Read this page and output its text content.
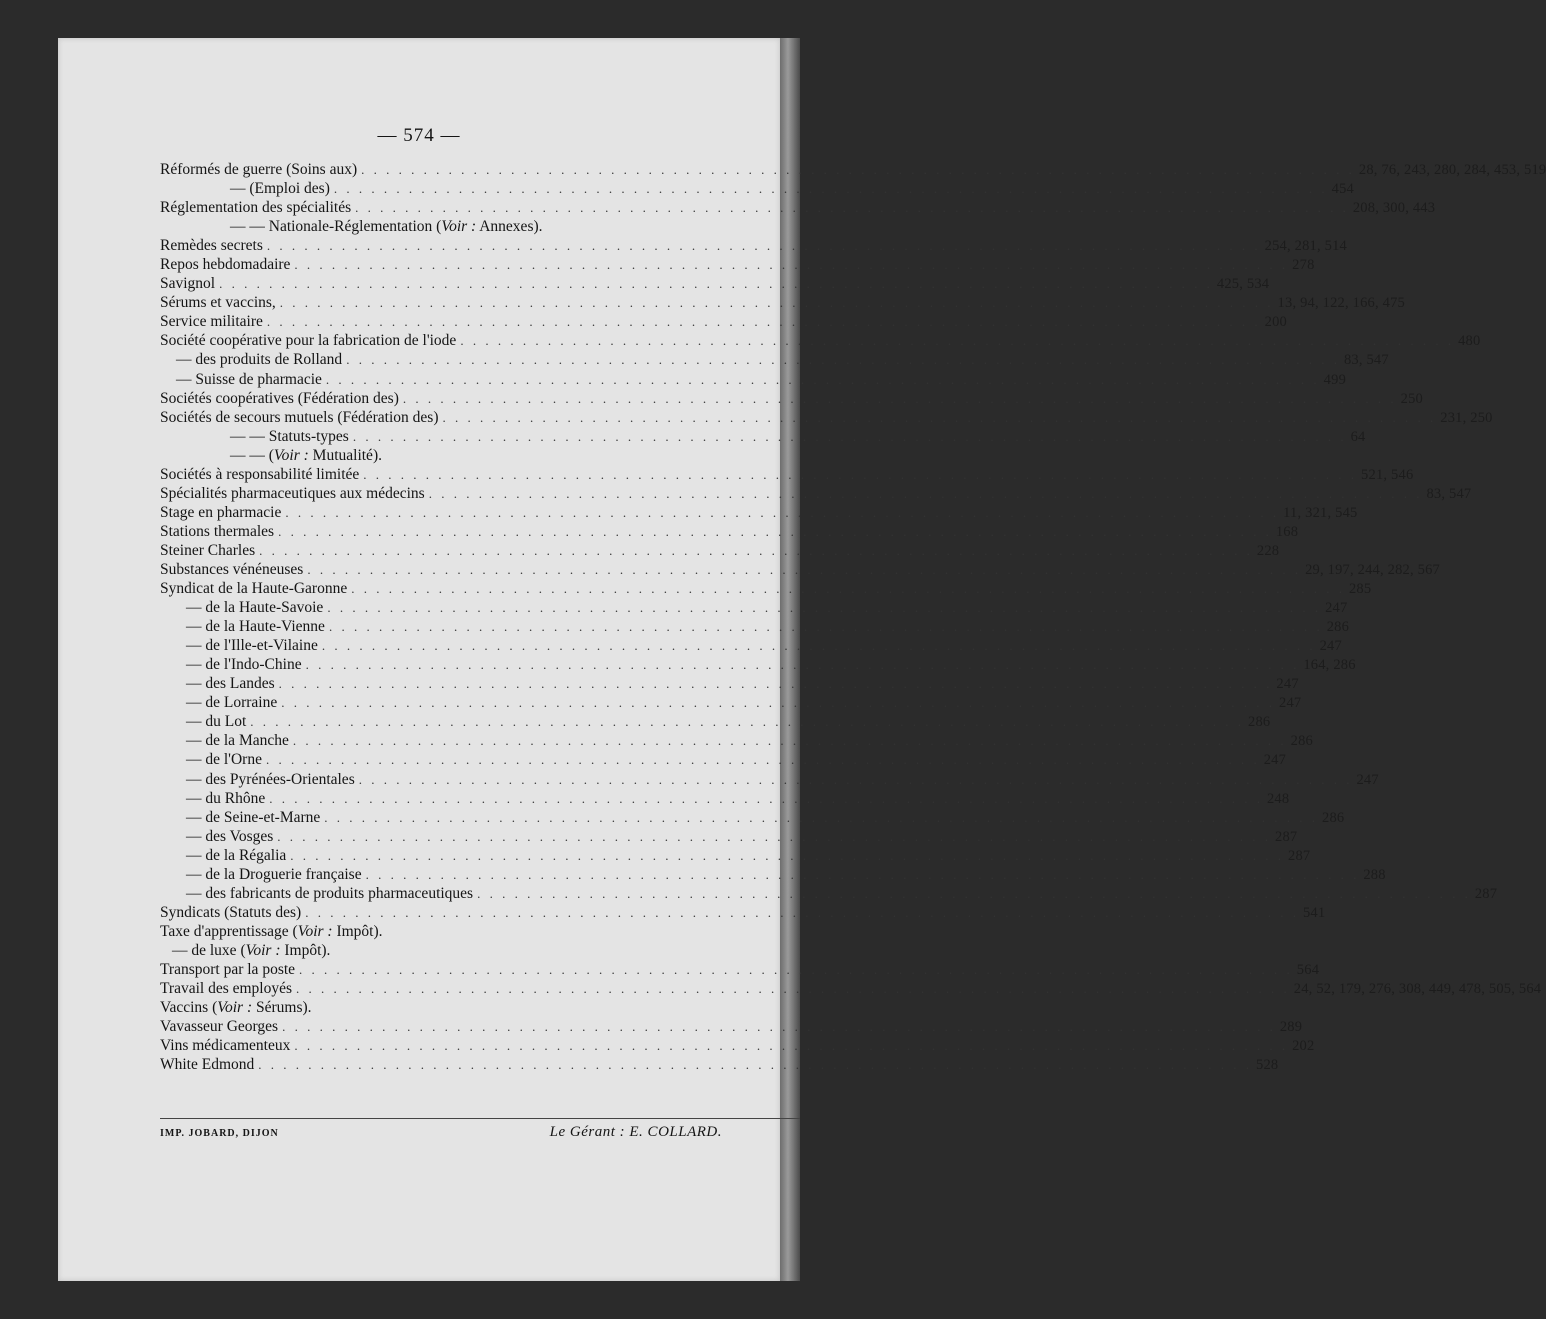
— 574 —
Réformés de guerre (Soins aux) . . . . . . . . . . . . . . . . . . . . . . . . . . . . . . . . . . . . . . . . . . . . . . . . . . . . . . . . . . . . . . . . . . . . . . . . . . . . . . . . 28, 76, 243, 280, 284, 453, 519
— (Emploi des) . . . . . . . . . . . . . . . . . . . . . . . . . . . . . . . . . . . . . . . . . . . . . . . . . . . . . . . . . . . . . . . . . . . . . . . . . . . . . . . . 454
Réglementation des spécialités . . . . . . . . . . . . . . . . . . . . . . . . . . . . . . . . . . . . . . . . . . . . . . . . . . . . . . . . . . . . . . . . . . . . . . . . . . . . . . . . 208, 300, 443
— — Nationale-Réglementation (Voir : Annexes).
Remèdes secrets . . . . . . . . . . . . . . . . . . . . . . . . . . . . . . . . . . . . . . . . . . . . . . . . . . . . . . . . . . . . . . . . . . . . . . . . . . . . . . . . 254, 281, 514
Repos hebdomadaire . . . . . . . . . . . . . . . . . . . . . . . . . . . . . . . . . . . . . . . . . . . . . . . . . . . . . . . . . . . . . . . . . . . . . . . . . . . . . . . . 278
Savignol . . . . . . . . . . . . . . . . . . . . . . . . . . . . . . . . . . . . . . . . . . . . . . . . . . . . . . . . . . . . . . . . . . . . . . . . . . . . . . . . 425, 534
Sérums et vaccins, . . . . . . . . . . . . . . . . . . . . . . . . . . . . . . . . . . . . . . . . . . . . . . . . . . . . . . . . . . . . . . . . . . . . . . . . . . . . . . . . 13, 94, 122, 166, 475
Service militaire . . . . . . . . . . . . . . . . . . . . . . . . . . . . . . . . . . . . . . . . . . . . . . . . . . . . . . . . . . . . . . . . . . . . . . . . . . . . . . . . 200
Société coopérative pour la fabrication de l'iode . . . . . . . . . . . . . . . . . . . . . . . . . . . . . . . . . . . . . . . . . . . . . . . . . . . . . . . . . . . . . . . . . . . . . . . . . . . . . . . . 480
— des produits de Rolland . . . . . . . . . . . . . . . . . . . . . . . . . . . . . . . . . . . . . . . . . . . . . . . . . . . . . . . . . . . . . . . . . . . . . . . . . . . . . . . . 83, 547
— Suisse de pharmacie . . . . . . . . . . . . . . . . . . . . . . . . . . . . . . . . . . . . . . . . . . . . . . . . . . . . . . . . . . . . . . . . . . . . . . . . . . . . . . . . 499
Sociétés coopératives (Fédération des) . . . . . . . . . . . . . . . . . . . . . . . . . . . . . . . . . . . . . . . . . . . . . . . . . . . . . . . . . . . . . . . . . . . . . . . . . . . . . . . . 250
Sociétés de secours mutuels (Fédération des) . . . . . . . . . . . . . . . . . . . . . . . . . . . . . . . . . . . . . . . . . . . . . . . . . . . . . . . . . . . . . . . . . . . . . . . . . . . . . . . . 231, 250
— — Statuts-types . . . . . . . . . . . . . . . . . . . . . . . . . . . . . . . . . . . . . . . . . . . . . . . . . . . . . . . . . . . . . . . . . . . . . . . . . . . . . . . . 64
— — (Voir : Mutualité).
Sociétés à responsabilité limitée . . . . . . . . . . . . . . . . . . . . . . . . . . . . . . . . . . . . . . . . . . . . . . . . . . . . . . . . . . . . . . . . . . . . . . . . . . . . . . . . 521, 546
Spécialités pharmaceutiques aux médecins . . . . . . . . . . . . . . . . . . . . . . . . . . . . . . . . . . . . . . . . . . . . . . . . . . . . . . . . . . . . . . . . . . . . . . . . . . . . . . . . 83, 547
Stage en pharmacie . . . . . . . . . . . . . . . . . . . . . . . . . . . . . . . . . . . . . . . . . . . . . . . . . . . . . . . . . . . . . . . . . . . . . . . . . . . . . . . . 11, 321, 545
Stations thermales . . . . . . . . . . . . . . . . . . . . . . . . . . . . . . . . . . . . . . . . . . . . . . . . . . . . . . . . . . . . . . . . . . . . . . . . . . . . . . . . 168
Steiner Charles . . . . . . . . . . . . . . . . . . . . . . . . . . . . . . . . . . . . . . . . . . . . . . . . . . . . . . . . . . . . . . . . . . . . . . . . . . . . . . . . 228
Substances vénéneuses . . . . . . . . . . . . . . . . . . . . . . . . . . . . . . . . . . . . . . . . . . . . . . . . . . . . . . . . . . . . . . . . . . . . . . . . . . . . . . . . 29, 197, 244, 282, 567
Syndicat de la Haute-Garonne . . . . . . . . . . . . . . . . . . . . . . . . . . . . . . . . . . . . . . . . . . . . . . . . . . . . . . . . . . . . . . . . . . . . . . . . . . . . . . . . 285
— de la Haute-Savoie . . . . . . . . . . . . . . . . . . . . . . . . . . . . . . . . . . . . . . . . . . . . . . . . . . . . . . . . . . . . . . . . . . . . . . . . . . . . . . . . 247
— de la Haute-Vienne . . . . . . . . . . . . . . . . . . . . . . . . . . . . . . . . . . . . . . . . . . . . . . . . . . . . . . . . . . . . . . . . . . . . . . . . . . . . . . . . 286
— de l'Ille-et-Vilaine . . . . . . . . . . . . . . . . . . . . . . . . . . . . . . . . . . . . . . . . . . . . . . . . . . . . . . . . . . . . . . . . . . . . . . . . . . . . . . . . 247
— de l'Indo-Chine . . . . . . . . . . . . . . . . . . . . . . . . . . . . . . . . . . . . . . . . . . . . . . . . . . . . . . . . . . . . . . . . . . . . . . . . . . . . . . . . 164, 286
— des Landes . . . . . . . . . . . . . . . . . . . . . . . . . . . . . . . . . . . . . . . . . . . . . . . . . . . . . . . . . . . . . . . . . . . . . . . . . . . . . . . . 247
— de Lorraine . . . . . . . . . . . . . . . . . . . . . . . . . . . . . . . . . . . . . . . . . . . . . . . . . . . . . . . . . . . . . . . . . . . . . . . . . . . . . . . . 247
— du Lot . . . . . . . . . . . . . . . . . . . . . . . . . . . . . . . . . . . . . . . . . . . . . . . . . . . . . . . . . . . . . . . . . . . . . . . . . . . . . . . . 286
— de la Manche . . . . . . . . . . . . . . . . . . . . . . . . . . . . . . . . . . . . . . . . . . . . . . . . . . . . . . . . . . . . . . . . . . . . . . . . . . . . . . . . 286
— de l'Orne . . . . . . . . . . . . . . . . . . . . . . . . . . . . . . . . . . . . . . . . . . . . . . . . . . . . . . . . . . . . . . . . . . . . . . . . . . . . . . . . 247
— des Pyrénées-Orientales . . . . . . . . . . . . . . . . . . . . . . . . . . . . . . . . . . . . . . . . . . . . . . . . . . . . . . . . . . . . . . . . . . . . . . . . . . . . . . . . 247
— du Rhône . . . . . . . . . . . . . . . . . . . . . . . . . . . . . . . . . . . . . . . . . . . . . . . . . . . . . . . . . . . . . . . . . . . . . . . . . . . . . . . . 248
— de Seine-et-Marne . . . . . . . . . . . . . . . . . . . . . . . . . . . . . . . . . . . . . . . . . . . . . . . . . . . . . . . . . . . . . . . . . . . . . . . . . . . . . . . . 286
— des Vosges . . . . . . . . . . . . . . . . . . . . . . . . . . . . . . . . . . . . . . . . . . . . . . . . . . . . . . . . . . . . . . . . . . . . . . . . . . . . . . . . 287
— de la Régalia . . . . . . . . . . . . . . . . . . . . . . . . . . . . . . . . . . . . . . . . . . . . . . . . . . . . . . . . . . . . . . . . . . . . . . . . . . . . . . . . 287
— de la Droguerie française . . . . . . . . . . . . . . . . . . . . . . . . . . . . . . . . . . . . . . . . . . . . . . . . . . . . . . . . . . . . . . . . . . . . . . . . . . . . . . . . 288
— des fabricants de produits pharmaceutiques . . . . . . . . . . . . . . . . . . . . . . . . . . . . . . . . . . . . . . . . . . . . . . . . . . . . . . . . . . . . . . . . . . . . . . . . . . . . . . . . 287
Syndicats (Statuts des) . . . . . . . . . . . . . . . . . . . . . . . . . . . . . . . . . . . . . . . . . . . . . . . . . . . . . . . . . . . . . . . . . . . . . . . . . . . . . . . . 541
Taxe d'apprentissage (Voir : Impôt).
— de luxe (Voir : Impôt).
Transport par la poste . . . . . . . . . . . . . . . . . . . . . . . . . . . . . . . . . . . . . . . . . . . . . . . . . . . . . . . . . . . . . . . . . . . . . . . . . . . . . . . . 564
Travail des employés . . . . . . . . . . . . . . . . . . . . . . . . . . . . . . . . . . . . . . . . . . . . . . . . . . . . . . . . . . . . . . . . . . . . . . . . . . . . . . . . 24, 52, 179, 276, 308, 449, 478, 505, 564
Vaccins (Voir : Sérums).
Vavasseur Georges . . . . . . . . . . . . . . . . . . . . . . . . . . . . . . . . . . . . . . . . . . . . . . . . . . . . . . . . . . . . . . . . . . . . . . . . . . . . . . . . 289
Vins médicamenteux . . . . . . . . . . . . . . . . . . . . . . . . . . . . . . . . . . . . . . . . . . . . . . . . . . . . . . . . . . . . . . . . . . . . . . . . . . . . . . . . 202
White Edmond . . . . . . . . . . . . . . . . . . . . . . . . . . . . . . . . . . . . . . . . . . . . . . . . . . . . . . . . . . . . . . . . . . . . . . . . . . . . . . . . 528
IMP. JOBARD, DIJON	Le Gérant : E. COLLARD.
